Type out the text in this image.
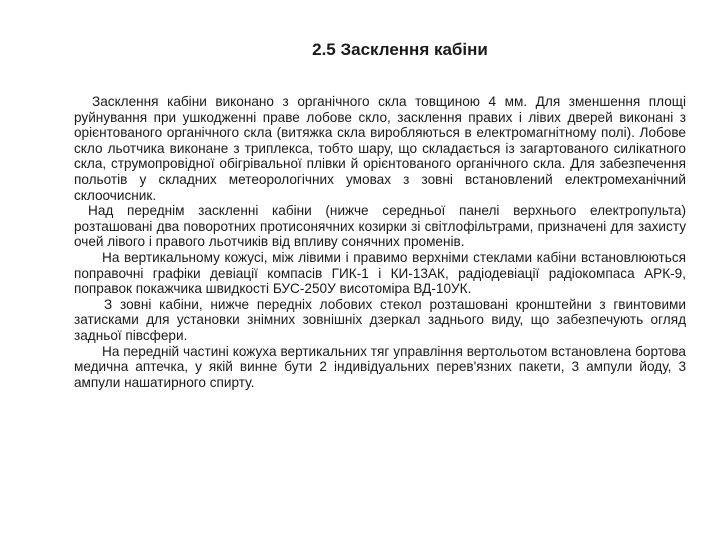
2.5 Засклення кабіни

Засклення кабіни виконано з органічного скла товщиною 4 мм. Для зменшення площі руйнування при ушкодженні праве лобове скло, засклення правих і лівих дверей виконані з орієнтованого органічного скла (витяжка скла виробляються в електромагнітному полі). Лобове скло льотчика виконане з триплекса, тобто шару, що складається із загартованого силікатного скла, струмопровідної обігрівальної плівки й орієнтованого органічного скла. Для забезпечення польотів у складних метеорологічних умовах з зовні встановлений електромеханічний склоочисник.

Над переднім заскленні кабіни (нижче середньої панелі верхнього електропульта) розташовані два поворотних протисонячних козирки зі світлофільтрами, призначені для захисту очей лівого і правого льотчиків від впливу сонячних променів.

На вертикальному кожусі, між лівими і правимо верхніми стеклами кабіни встановлюються поправочні графіки девіації компасів ГИК-1 і КИ-13АК, радіодевіації радіокомпаса АРК-9, поправок покажчика швидкості БУС-250У висотоміра ВД-10УК.

З зовні кабіни, нижче передніх лобових стекол розташовані кронштейни з гвинтовими затисками для установки знімних зовнішніх дзеркал заднього виду, що забезпечують огляд задньої півсфери.

На передній частині кожуха вертикальних тяг управління вертольотом встановлена бортова медична аптечка, у якій винне бути 2 індивідуальних перев'язних пакети, 3 ампули йоду, 3 ампули нашатирного спирту.
